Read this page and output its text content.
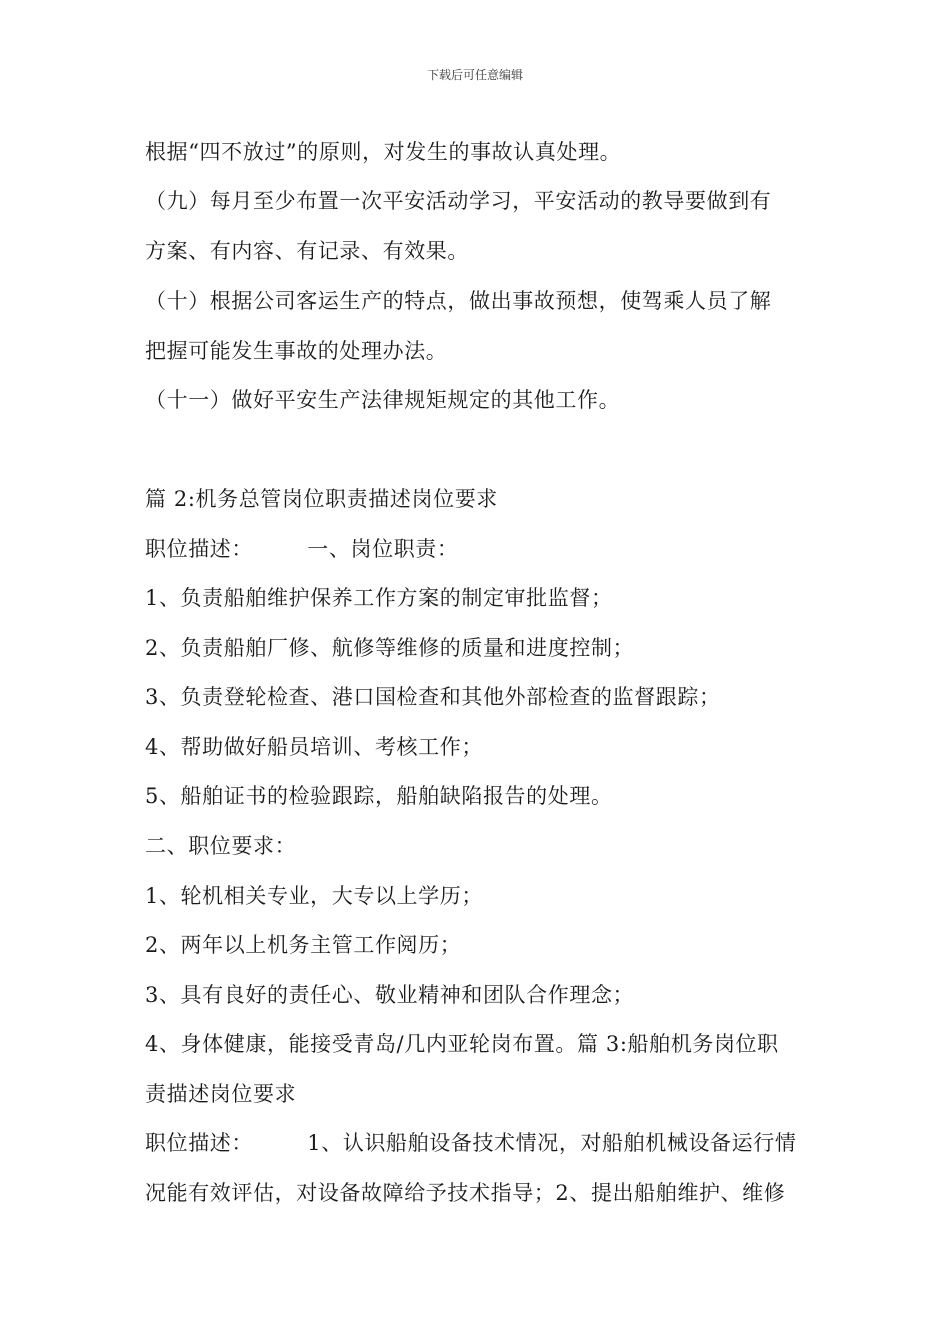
下载后可任意编辑
根据“四不放过”的原则，对发生的事故认真处理。
（九）每月至少布置一次平安活动学习，平安活动的教导要做到有
方案、有内容、有记录、有效果。
（十）根据公司客运生产的特点，做出事故预想，使驾乘人员了解
把握可能发生事故的处理办法。
（十一）做好平安生产法律规矩规定的其他工作。
篇 2:机务总管岗位职责描述岗位要求
职位描述：　　　一、岗位职责：
1、负责船舶维护保养工作方案的制定审批监督；
2、负责船舶厂修、航修等维修的质量和进度控制；
3、负责登轮检查、港口国检查和其他外部检查的监督跟踪；
4、帮助做好船员培训、考核工作；
5、船舶证书的检验跟踪，船舶缺陷报告的处理。
二、职位要求：
1、轮机相关专业，大专以上学历；
2、两年以上机务主管工作阅历；
3、具有良好的责任心、敬业精神和团队合作理念；
4、身体健康，能接受青岛/几内亚轮岗布置。篇 3:船舶机务岗位职
责描述岗位要求
职位描述：　　　1、认识船舶设备技术情况，对船舶机械设备运行情
况能有效评估，对设备故障给予技术指导；2、提出船舶维护、维修
